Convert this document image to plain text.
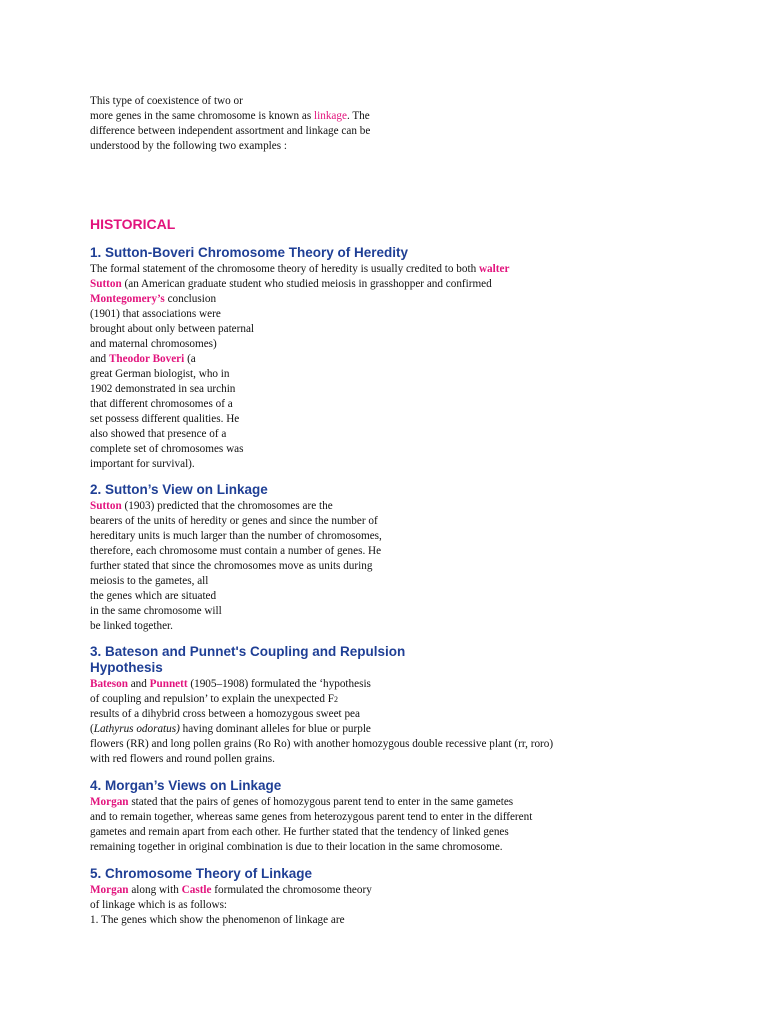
This type of coexistence of two or
more genes in the same chromosome is known as linkage. The
difference between independent assortment and linkage can be
understood by the following two examples :
HISTORICAL
1. Sutton-Boveri Chromosome Theory of Heredity
The formal statement of the chromosome theory of heredity is usually credited to both walter
Sutton (an American graduate student who studied meiosis in grasshopper and confirmed
Montegomery’s conclusion
(1901) that associations were
brought about only between paternal
and maternal chromosomes)
and Theodor Boveri (a
great German biologist, who in
1902 demonstrated in sea urchin
that different chromosomes of a
set possess different qualities. He
also showed that presence of a
complete set of chromosomes was
important for survival).
2. Sutton’s View on Linkage
Sutton (1903) predicted that the chromosomes are the
bearers of the units of heredity or genes and since the number of
hereditary units is much larger than the number of chromosomes,
therefore, each chromosome must contain a number of genes. He
further stated that since the chromosomes move as units during
meiosis to the gametes, all
the genes which are situated
in the same chromosome will
be linked together.
3. Bateson and Punnet's Coupling and Repulsion
Hypothesis
Bateson and Punnett (1905–1908) formulated the ‘hypothesis
of coupling and repulsion’ to explain the unexpected F2
results of a dihybrid cross between a homozygous sweet pea
(Lathyrus odoratus) having dominant alleles for blue or purple
flowers (RR) and long pollen grains (Ro Ro) with another homozygous double recessive plant (rr, roro)
with red flowers and round pollen grains.
4. Morgan’s Views on Linkage
Morgan stated that the pairs of genes of homozygous parent tend to enter in the same gametes
and to remain together, whereas same genes from heterozygous parent tend to enter in the different
gametes and remain apart from each other. He further stated that the tendency of linked genes
remaining together in original combination is due to their location in the same chromosome.
5. Chromosome Theory of Linkage
Morgan along with Castle formulated the chromosome theory
of linkage which is as follows:
1. The genes which show the phenomenon of linkage are
